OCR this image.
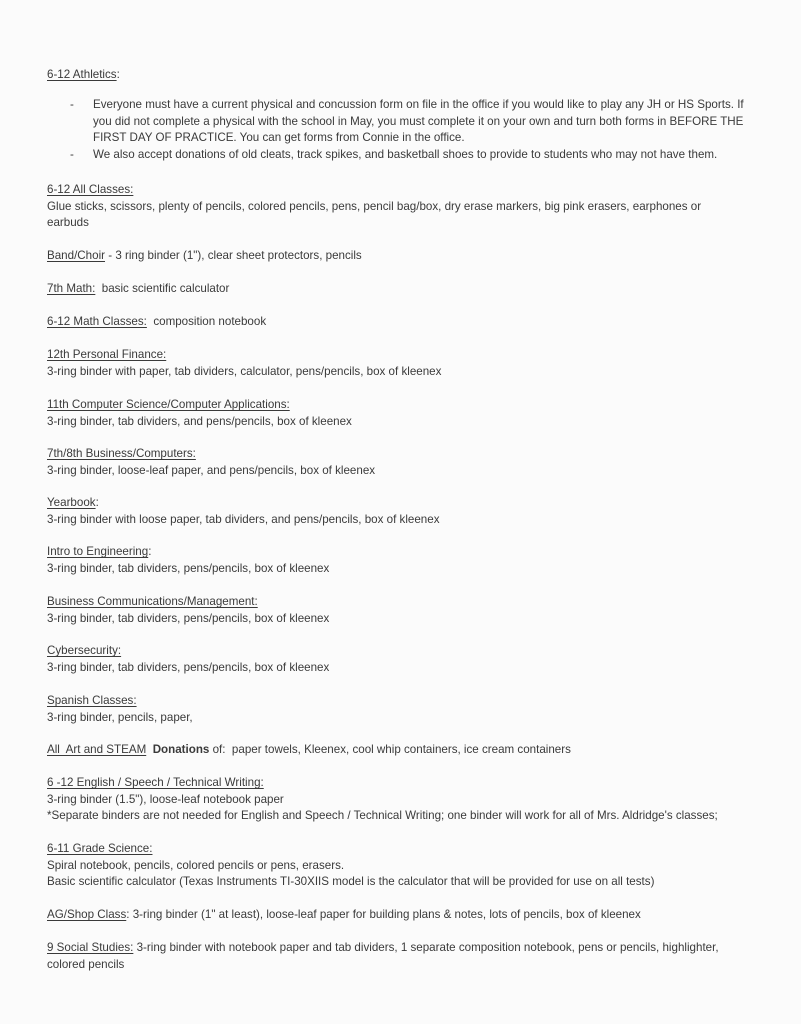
6-12 Athletics:
- Everyone must have a current physical and concussion form on file in the office if you would like to play any JH or HS Sports. If you did not complete a physical with the school in May, you must complete it on your own and turn both forms in BEFORE THE FIRST DAY OF PRACTICE. You can get forms from Connie in the office.
- We also accept donations of old cleats, track spikes, and basketball shoes to provide to students who may not have them.
6-12 All Classes:
Glue sticks, scissors, plenty of pencils, colored pencils, pens, pencil bag/box, dry erase markers, big pink erasers, earphones or earbuds
Band/Choir - 3 ring binder (1"), clear sheet protectors, pencils
7th Math:  basic scientific calculator
6-12 Math Classes:  composition notebook
12th Personal Finance:
3-ring binder with paper, tab dividers, calculator, pens/pencils, box of kleenex
11th Computer Science/Computer Applications:
3-ring binder, tab dividers, and pens/pencils, box of kleenex
7th/8th Business/Computers:
3-ring binder, loose-leaf paper, and pens/pencils, box of kleenex
Yearbook:
3-ring binder with loose paper, tab dividers, and pens/pencils, box of kleenex
Intro to Engineering:
3-ring binder, tab dividers, pens/pencils, box of kleenex
Business Communications/Management:
3-ring binder, tab dividers, pens/pencils, box of kleenex
Cybersecurity:
3-ring binder, tab dividers, pens/pencils, box of kleenex
Spanish Classes:
3-ring binder, pencils, paper,
All  Art and STEAM Donations of:  paper towels, Kleenex, cool whip containers, ice cream containers
6 -12 English / Speech / Technical Writing:
3-ring binder (1.5"), loose-leaf notebook paper
*Separate binders are not needed for English and Speech / Technical Writing; one binder will work for all of Mrs. Aldridge's classes;
6-11 Grade Science:
Spiral notebook, pencils, colored pencils or pens, erasers.
Basic scientific calculator (Texas Instruments TI-30XIIS model is the calculator that will be provided for use on all tests)
AG/Shop Class: 3-ring binder (1" at least), loose-leaf paper for building plans & notes, lots of pencils, box of kleenex
9 Social Studies: 3-ring binder with notebook paper and tab dividers, 1 separate composition notebook, pens or pencils, highlighter, colored pencils
